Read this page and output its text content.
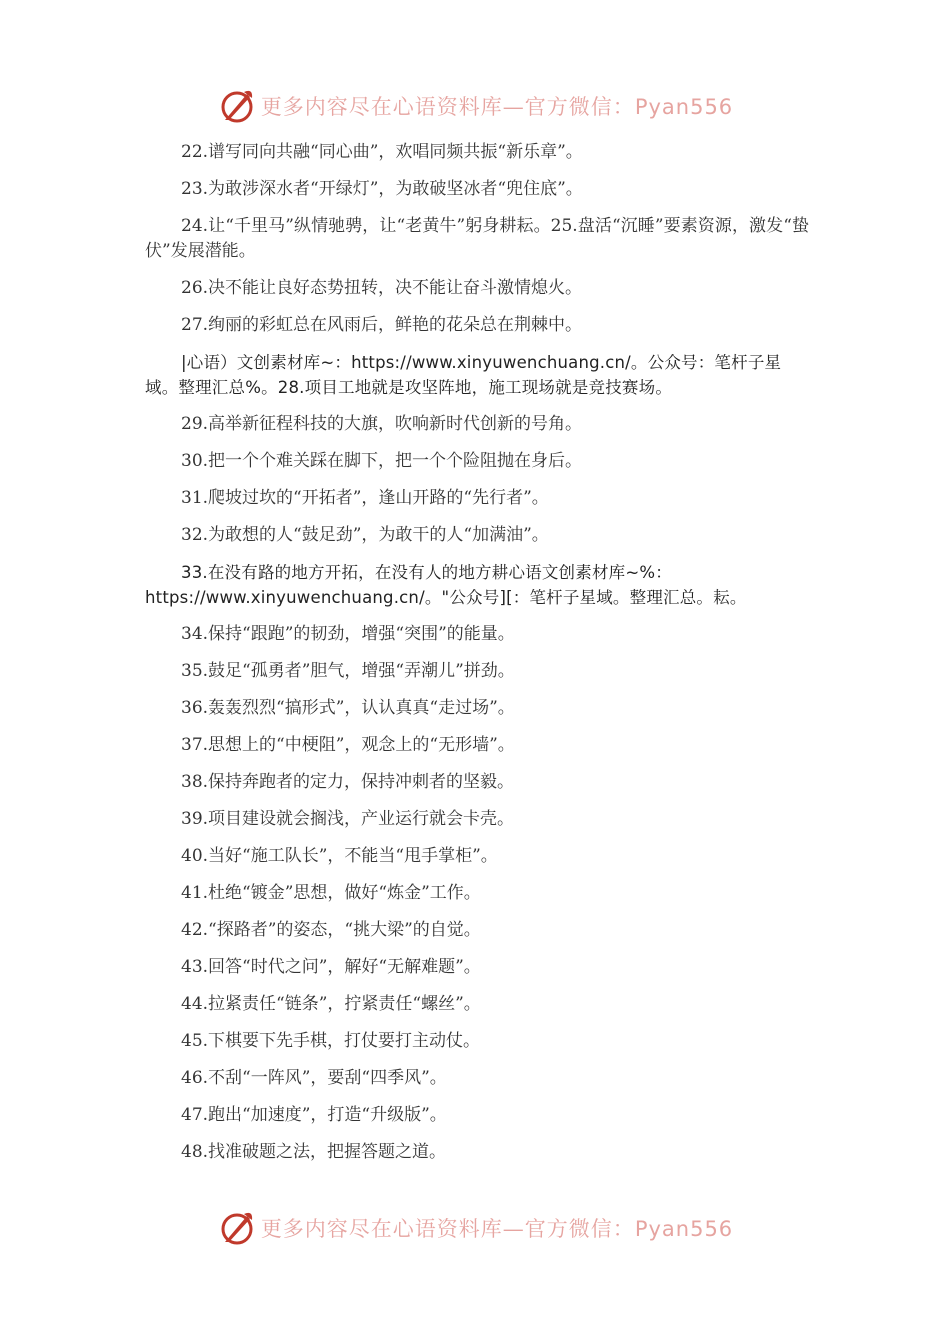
更多内容尽在心语资料库—官方微信：Pyan556

22.谱写同向共融“同心曲”，欢唱同频共振“新乐章”。

23.为敢涉深水者“开绿灯”，为敢破坚冰者“兜住底”。

24.让“千里马”纵情驰骋，让“老黄牛”躬身耕耘。25.盘活“沉睡”要素资源，激发“蛰伏”发展潜能。

26.决不能让良好态势扭转，决不能让奋斗激情熄火。

27.绚丽的彩虹总在风雨后，鲜艳的花朵总在荆棘中。

|心语）文创素材库~：https://www.xinyuwenchuang.cn/。公众号：笔杆子星域。整理汇总%。28.项目工地就是攻坚阵地，施工现场就是竞技赛场。

29.高举新征程科技的大旗，吹响新时代创新的号角。

30.把一个个难关踩在脚下，把一个个险阻抛在身后。

31.爬坡过坎的“开拓者”，逢山开路的“先行者”。

32.为敢想的人“鼓足劲”，为敢干的人“加满油”。

33.在没有路的地方开拓，在没有人的地方耕心语文创素材库~%：https://www.xinyuwenchuang.cn/。"公众号][：笔杆子星域。整理汇总。耘。

34.保持“跟跑”的韧劲，增强“突围”的能量。

35.鼓足“孤勇者”胆气，增强“弄潮儿”拼劲。

36.轰轰烈烈“搞形式”，认认真真“走过场”。

37.思想上的“中梗阻”，观念上的“无形墙”。

38.保持奔跑者的定力，保持冲刺者的坚毅。

39.项目建设就会搁浅，产业运行就会卡壳。

40.当好“施工队长”，不能当“甩手掌柜”。

41.杜绝“镀金”思想，做好“炼金”工作。

42.“探路者”的姿态，“挑大梁”的自觉。

43.回答“时代之问”，解好“无解难题”。

44.拉紧责任“链条”，拧紧责任“螺丝”。

45.下棋要下先手棋，打仗要打主动仗。

46.不刮“一阵风”，要刮“四季风”。

47.跑出“加速度”，打造“升级版”。

48.找准破题之法，把握答题之道。

更多内容尽在心语资料库—官方微信：Pyan556
